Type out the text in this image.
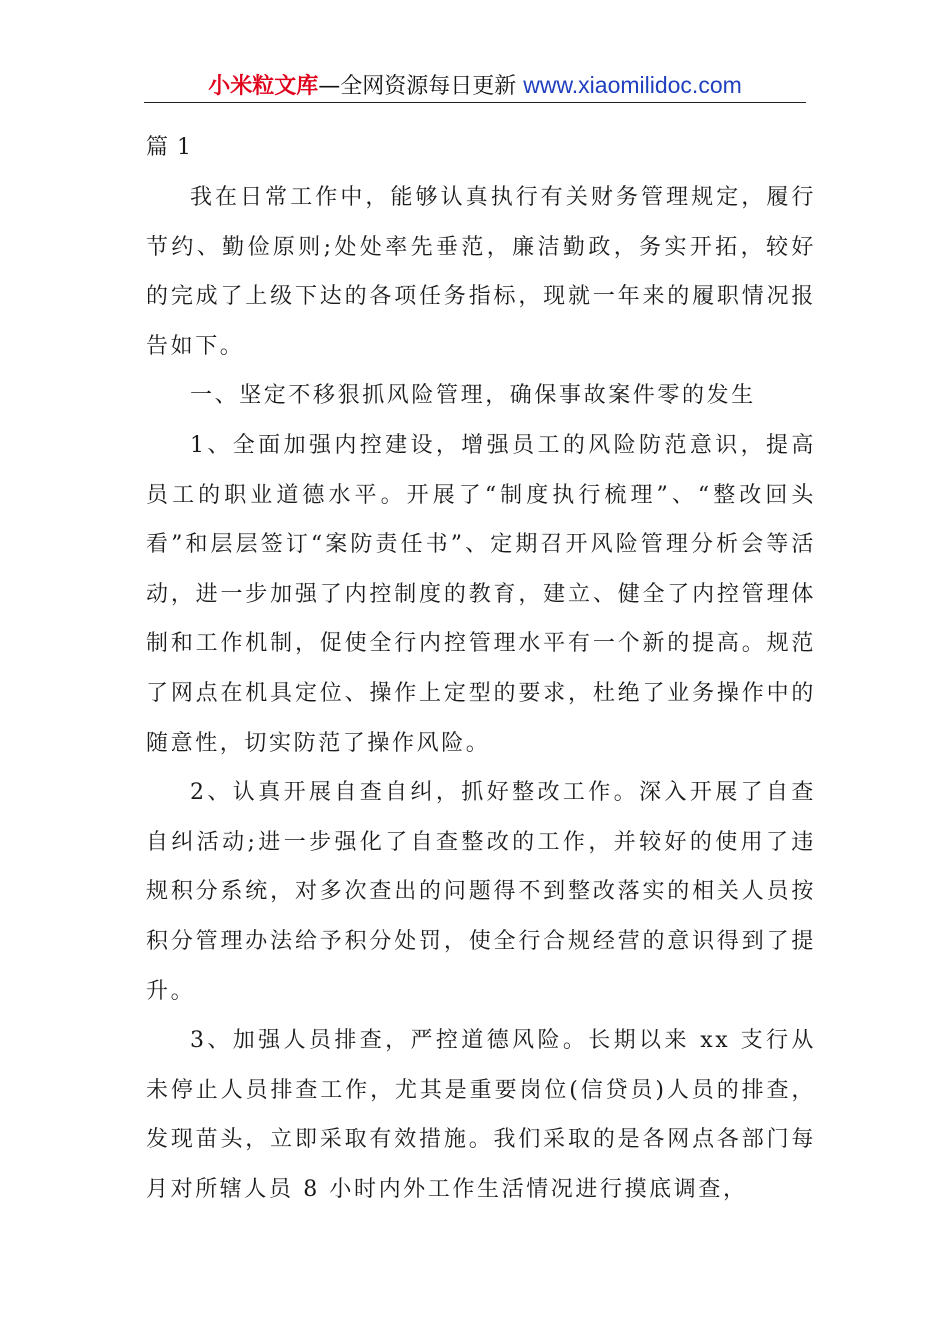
小米粒文库—全网资源每日更新 www.xiaomilidoc.com

篇 1

我在日常工作中，能够认真执行有关财务管理规定，履行节约、勤俭原则;处处率先垂范，廉洁勤政，务实开拓，较好的完成了上级下达的各项任务指标，现就一年来的履职情况报告如下。

一、坚定不移狠抓风险管理，确保事故案件零的发生

1、全面加强内控建设，增强员工的风险防范意识，提高员工的职业道德水平。开展了“制度执行梳理”、“整改回头看”和层层签订“案防责任书”、定期召开风险管理分析会等活动，进一步加强了内控制度的教育，建立、健全了内控管理体制和工作机制，促使全行内控管理水平有一个新的提高。规范了网点在机具定位、操作上定型的要求，杜绝了业务操作中的随意性，切实防范了操作风险。

2、认真开展自查自纠，抓好整改工作。深入开展了自查自纠活动;进一步强化了自查整改的工作，并较好的使用了违规积分系统，对多次查出的问题得不到整改落实的相关人员按积分管理办法给予积分处罚，使全行合规经营的意识得到了提升。

3、加强人员排查，严控道德风险。长期以来 xx 支行从未停止人员排查工作，尤其是重要岗位(信贷员)人员的排查，发现苗头，立即采取有效措施。我们采取的是各网点各部门每月对所辖人员 8 小时内外工作生活情况进行摸底调查，
